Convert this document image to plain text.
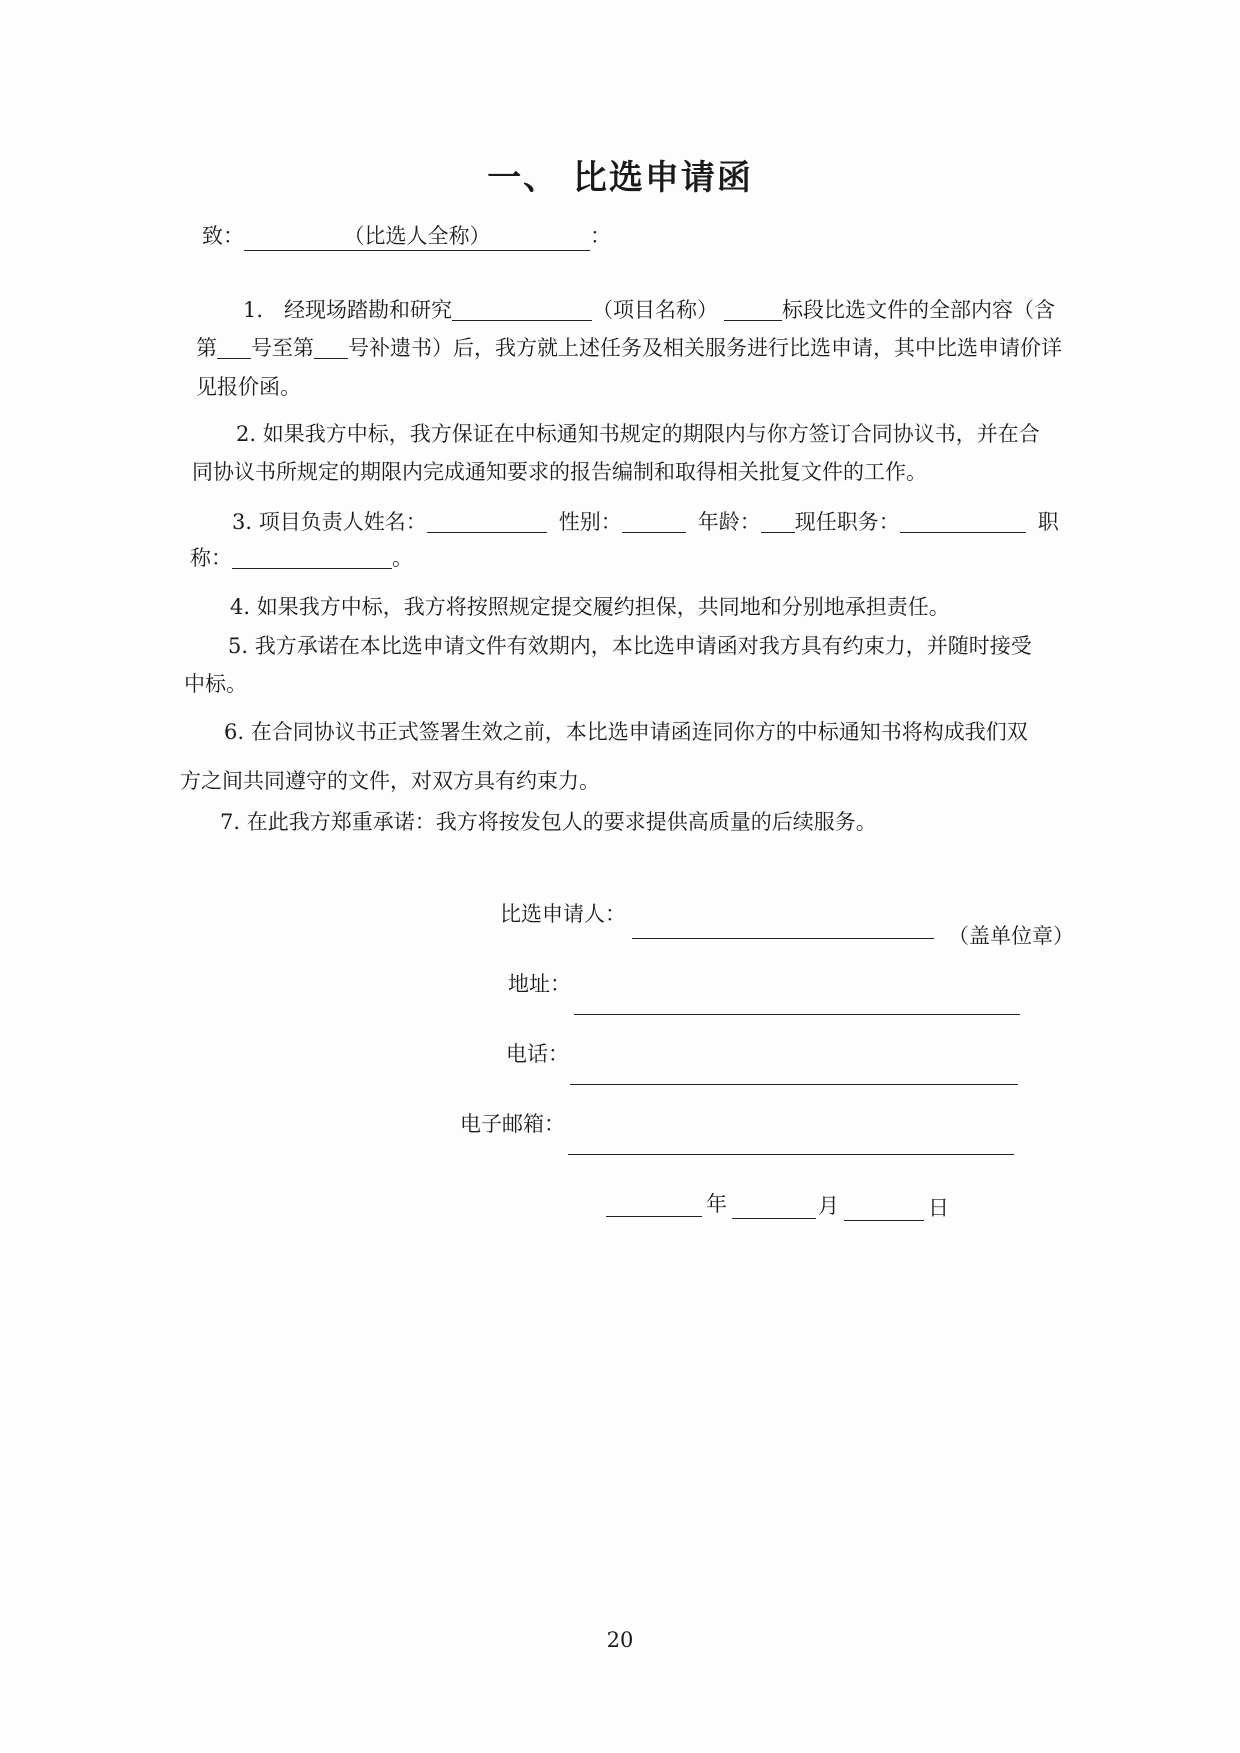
一、 比选申请函
致：	（比选人全称）	：
1.　经现场踏勘和研究	（项目名称）	标段比选文件的全部内容（含
第 号至第 号补遗书）后，我方就上述任务及相关服务进行比选申请，其中比选申请价详
见报价函。
2. 如果我方中标，我方保证在中标通知书规定的期限内与你方签订合同协议书，并在合
同协议书所规定的期限内完成通知要求的报告编制和取得相关批复文件的工作。
3. 项目负责人姓名：	性别：	年龄： 现任职务：	职
称：	。
4. 如果我方中标，我方将按照规定提交履约担保，共同地和分别地承担责任。
5. 我方承诺在本比选申请文件有效期内，本比选申请函对我方具有约束力，并随时接受
中标。
6. 在合同协议书正式签署生效之前，本比选申请函连同你方的中标通知书将构成我们双
方之间共同遵守的文件，对双方具有约束力。
7. 在此我方郑重承诺：我方将按发包人的要求提供高质量的后续服务。
比选申请人：
（盖单位章）
地址：
电话：
电子邮箱：
年	月	日
20
